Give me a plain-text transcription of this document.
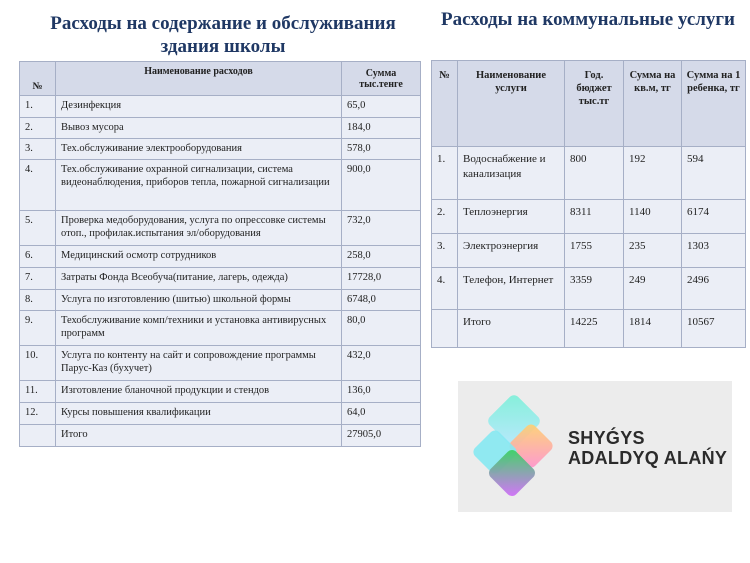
Расходы на содержание и обслуживания здания школы
Расходы на коммунальные услуги
№	Наименование расходов	Сумма тыс.тенге
1.	Дезинфекция	65,0
2.	Вывоз мусора	184,0
3.	Тех.обслуживание электрооборудования	578,0
4.	Тех.обслуживание охранной сигнализации, система видеонаблюдения, приборов тепла, пожарной сигнализации	900,0
5.	Проверка медоборудования, услуга по опрессовке системы отоп., профилак.испытания эл/оборудования	732,0
6.	Медицинский осмотр сотрудников	258,0
7.	Затраты Фонда Всеобуча(питание, лагерь, одежда)	17728,0
8.	Услуга по изготовлению (шитью) школьной формы	6748,0
9.	Техобслуживание комп/техники и установка антивирусных программ	80,0
10.	Услуга по контенту на сайт и сопровождение программы Парус-Каз (бухучет)	432,0
11.	Изготовление бланочной продукции и стендов	136,0
12.	Курсы повышения квалификации	64,0
	Итого	27905,0
№	Наименование услуги	Год. бюджет тыс.тг	Сумма на кв.м, тг	Сумма на 1 ребенка, тг
1.	Водоснабжение и канализация	800	192	594
2.	Теплоэнергия	8311	1140	6174
3.	Электроэнергия	1755	235	1303
4.	Телефон, Интернет	3359	249	2496
	Итого	14225	1814	10567
SHYǴYS
ADALDYQ ALAŃY
